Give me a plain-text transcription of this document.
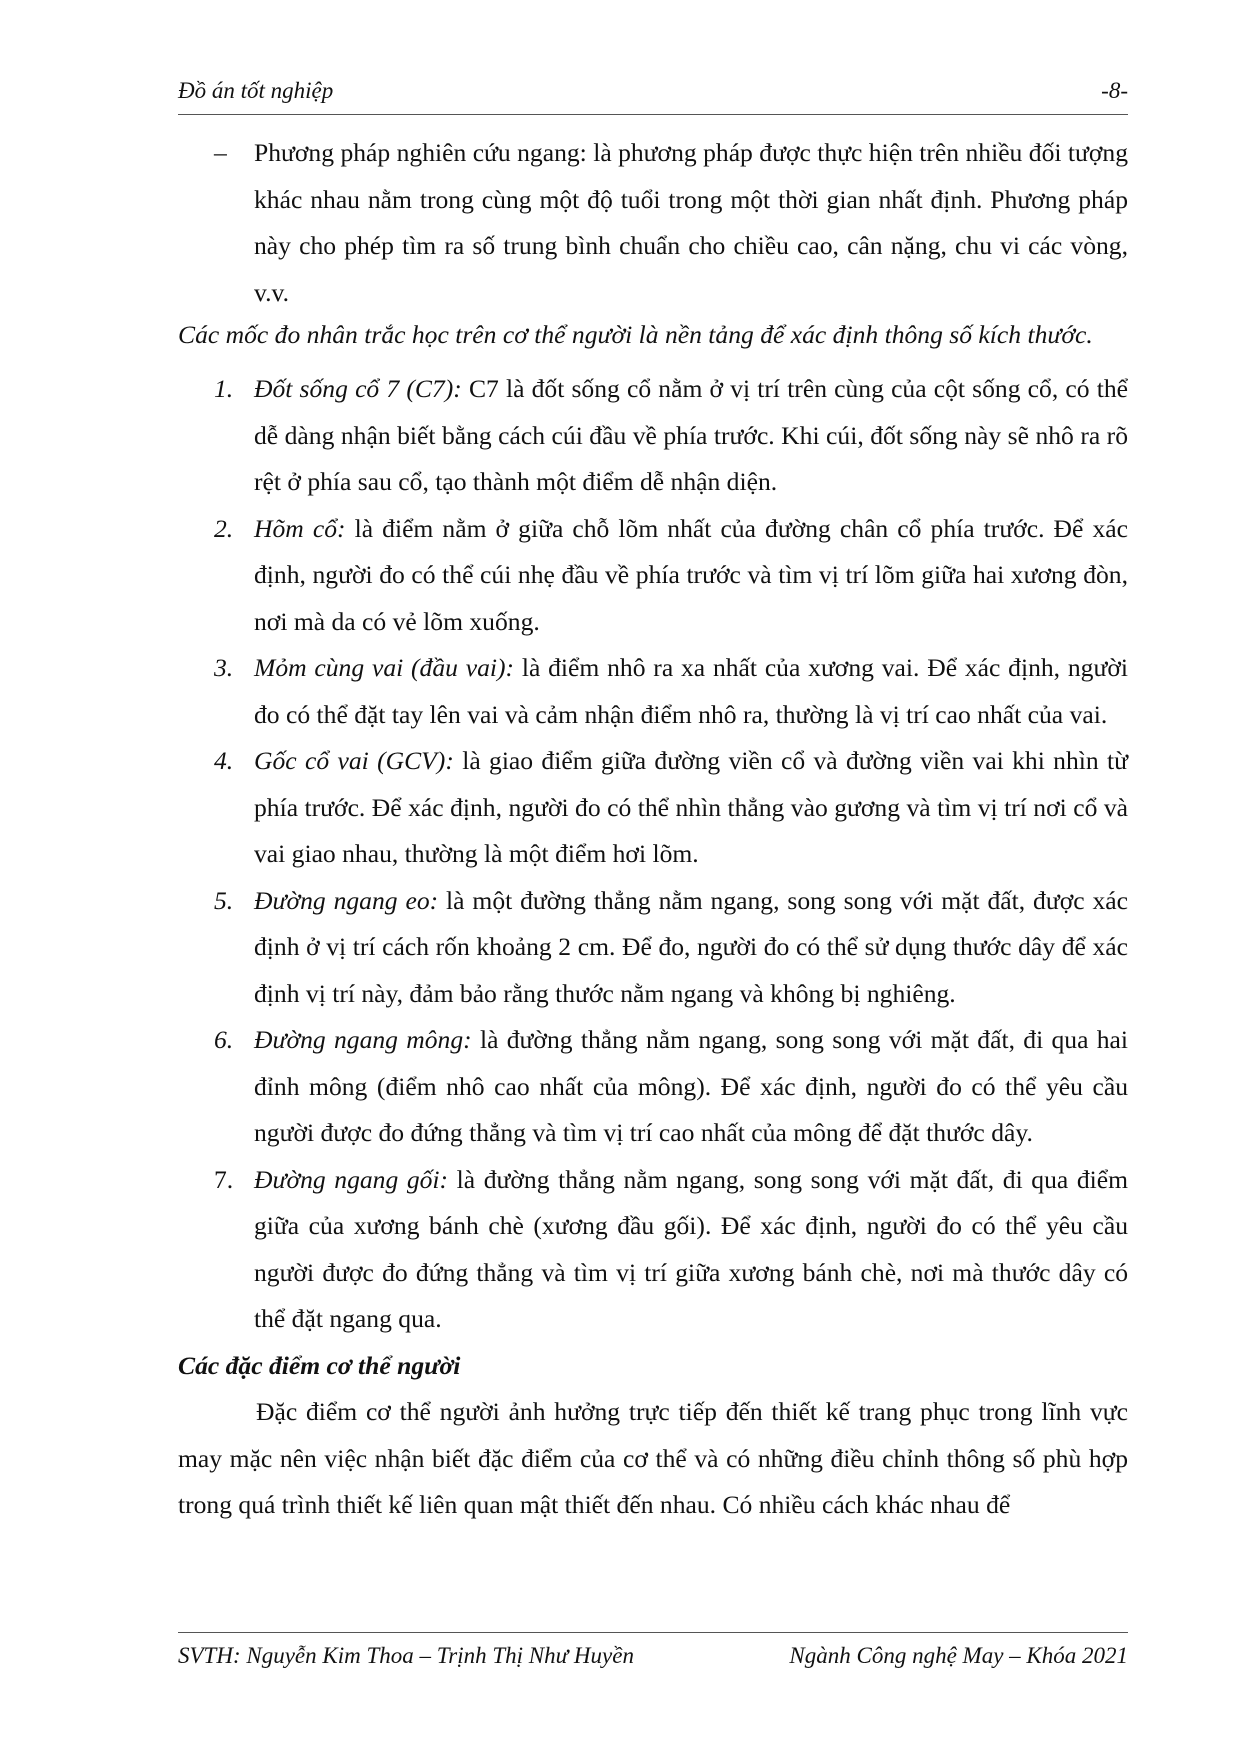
Đồ án tốt nghiệp	-8-

– Phương pháp nghiên cứu ngang: là phương pháp được thực hiện trên nhiều đối tượng khác nhau nằm trong cùng một độ tuổi trong một thời gian nhất định. Phương pháp này cho phép tìm ra số trung bình chuẩn cho chiều cao, cân nặng, chu vi các vòng, v.v.

Các mốc đo nhân trắc học trên cơ thể người là nền tảng để xác định thông số kích thước.

1. Đốt sống cổ 7 (C7): C7 là đốt sống cổ nằm ở vị trí trên cùng của cột sống cổ, có thể dễ dàng nhận biết bằng cách cúi đầu về phía trước. Khi cúi, đốt sống này sẽ nhô ra rõ rệt ở phía sau cổ, tạo thành một điểm dễ nhận diện.

2. Hõm cổ: là điểm nằm ở giữa chỗ lõm nhất của đường chân cổ phía trước. Để xác định, người đo có thể cúi nhẹ đầu về phía trước và tìm vị trí lõm giữa hai xương đòn, nơi mà da có vẻ lõm xuống.

3. Mỏm cùng vai (đầu vai): là điểm nhô ra xa nhất của xương vai. Để xác định, người đo có thể đặt tay lên vai và cảm nhận điểm nhô ra, thường là vị trí cao nhất của vai.

4. Gốc cổ vai (GCV): là giao điểm giữa đường viền cổ và đường viền vai khi nhìn từ phía trước. Để xác định, người đo có thể nhìn thẳng vào gương và tìm vị trí nơi cổ và vai giao nhau, thường là một điểm hơi lõm.

5. Đường ngang eo: là một đường thẳng nằm ngang, song song với mặt đất, được xác định ở vị trí cách rốn khoảng 2 cm. Để đo, người đo có thể sử dụng thước dây để xác định vị trí này, đảm bảo rằng thước nằm ngang và không bị nghiêng.

6. Đường ngang mông: là đường thẳng nằm ngang, song song với mặt đất, đi qua hai đỉnh mông (điểm nhô cao nhất của mông). Để xác định, người đo có thể yêu cầu người được đo đứng thẳng và tìm vị trí cao nhất của mông để đặt thước dây.

7. Đường ngang gối: là đường thẳng nằm ngang, song song với mặt đất, đi qua điểm giữa của xương bánh chè (xương đầu gối). Để xác định, người đo có thể yêu cầu người được đo đứng thẳng và tìm vị trí giữa xương bánh chè, nơi mà thước dây có thể đặt ngang qua.

Các đặc điểm cơ thể người

Đặc điểm cơ thể người ảnh hưởng trực tiếp đến thiết kế trang phục trong lĩnh vực may mặc nên việc nhận biết đặc điểm của cơ thể và có những điều chỉnh thông số phù hợp trong quá trình thiết kế liên quan mật thiết đến nhau. Có nhiều cách khác nhau để

SVTH: Nguyễn Kim Thoa – Trịnh Thị Như Huyền	Ngành Công nghệ May – Khóa 2021
